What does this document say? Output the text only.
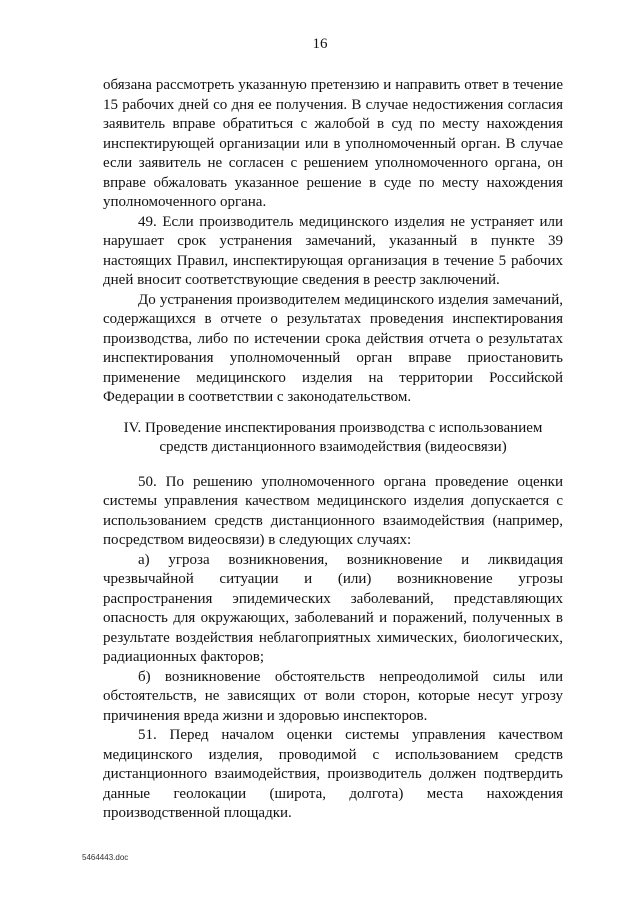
16

обязана рассмотреть указанную претензию и направить ответ в течение 15 рабочих дней со дня ее получения. В случае недостижения согласия заявитель вправе обратиться с жалобой в суд по месту нахождения инспектирующей организации или в уполномоченный орган. В случае если заявитель не согласен с решением уполномоченного органа, он вправе обжаловать указанное решение в суде по месту нахождения уполномоченного органа.

49. Если производитель медицинского изделия не устраняет или нарушает срок устранения замечаний, указанный в пункте 39 настоящих Правил, инспектирующая организация в течение 5 рабочих дней вносит соответствующие сведения в реестр заключений.

До устранения производителем медицинского изделия замечаний, содержащихся в отчете о результатах проведения инспектирования производства, либо по истечении срока действия отчета о результатах инспектирования уполномоченный орган вправе приостановить применение медицинского изделия на территории Российской Федерации в соответствии с законодательством.

IV. Проведение инспектирования производства с использованием средств дистанционного взаимодействия (видеосвязи)

50. По решению уполномоченного органа проведение оценки системы управления качеством медицинского изделия допускается с использованием средств дистанционного взаимодействия (например, посредством видеосвязи) в следующих случаях:

а) угроза возникновения, возникновение и ликвидация чрезвычайной ситуации и (или) возникновение угрозы распространения эпидемических заболеваний, представляющих опасность для окружающих, заболеваний и поражений, полученных в результате воздействия неблагоприятных химических, биологических, радиационных факторов;

б) возникновение обстоятельств непреодолимой силы или обстоятельств, не зависящих от воли сторон, которые несут угрозу причинения вреда жизни и здоровью инспекторов.

51. Перед началом оценки системы управления качеством медицинского изделия, проводимой с использованием средств дистанционного взаимодействия, производитель должен подтвердить данные геолокации (широта, долгота) места нахождения производственной площадки.

5464443.doc
